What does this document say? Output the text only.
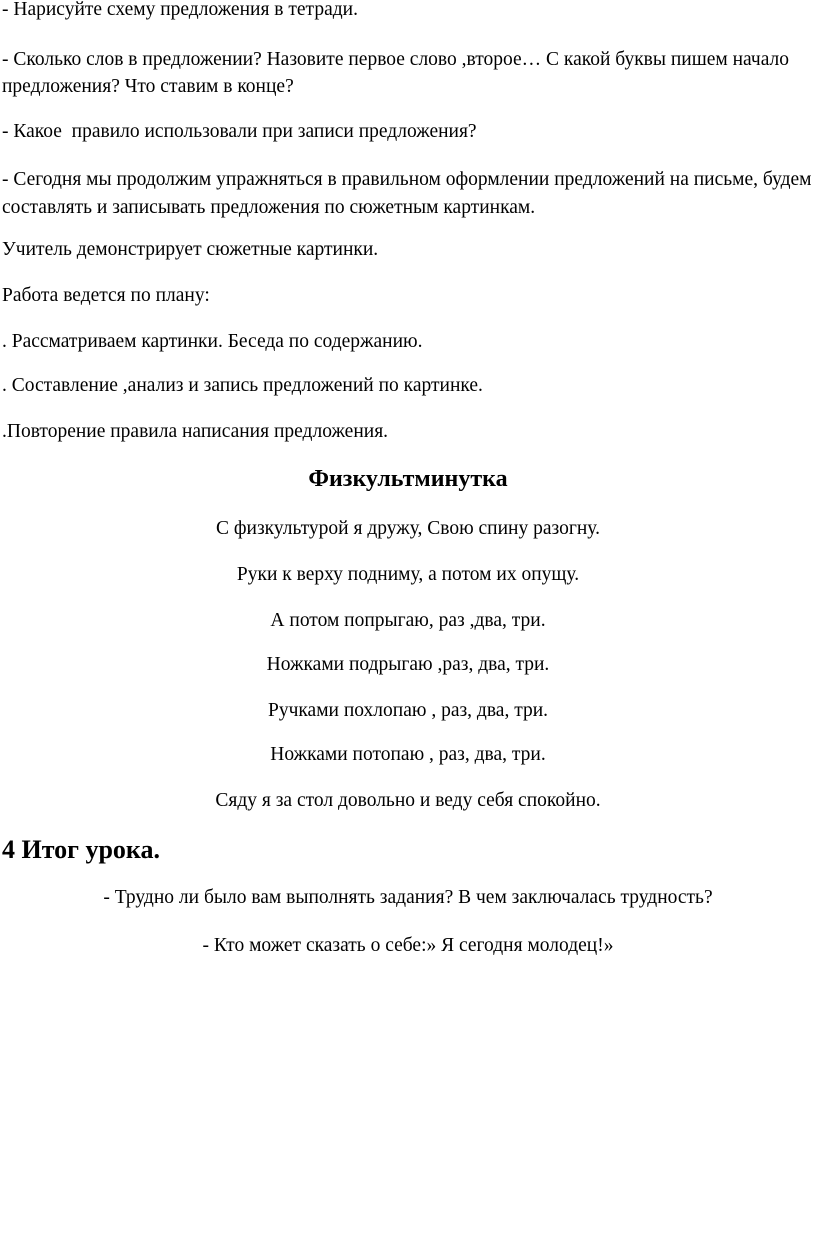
- Нарисуйте схему предложения в тетради.

- Сколько слов в предложении? Назовите первое слово ,второе… С какой буквы пишем начало предложения? Что ставим в конце?

- Какое  правило использовали при записи предложения?

- Сегодня мы продолжим упражняться в правильном оформлении предложений на письме, будем составлять и записывать предложения по сюжетным картинкам.

Учитель демонстрирует сюжетные картинки.

Работа ведется по плану:

. Рассматриваем картинки. Беседа по содержанию.

. Составление ,анализ и запись предложений по картинке.

.Повторение правила написания предложения.

Физкультминутка

С физкультурой я дружу, Свою спину разогну.

Руки к верху подниму, а потом их опущу.

А потом попрыгаю, раз ,два, три.

Ножками подрыгаю ,раз, два, три.

Ручками похлопаю , раз, два, три.

Ножками потопаю , раз, два, три.

Сяду я за стол довольно и веду себя спокойно.

4 Итог урока.

- Трудно ли было вам выполнять задания? В чем заключалась трудность?

- Кто может сказать о себе:» Я сегодня молодец!»
